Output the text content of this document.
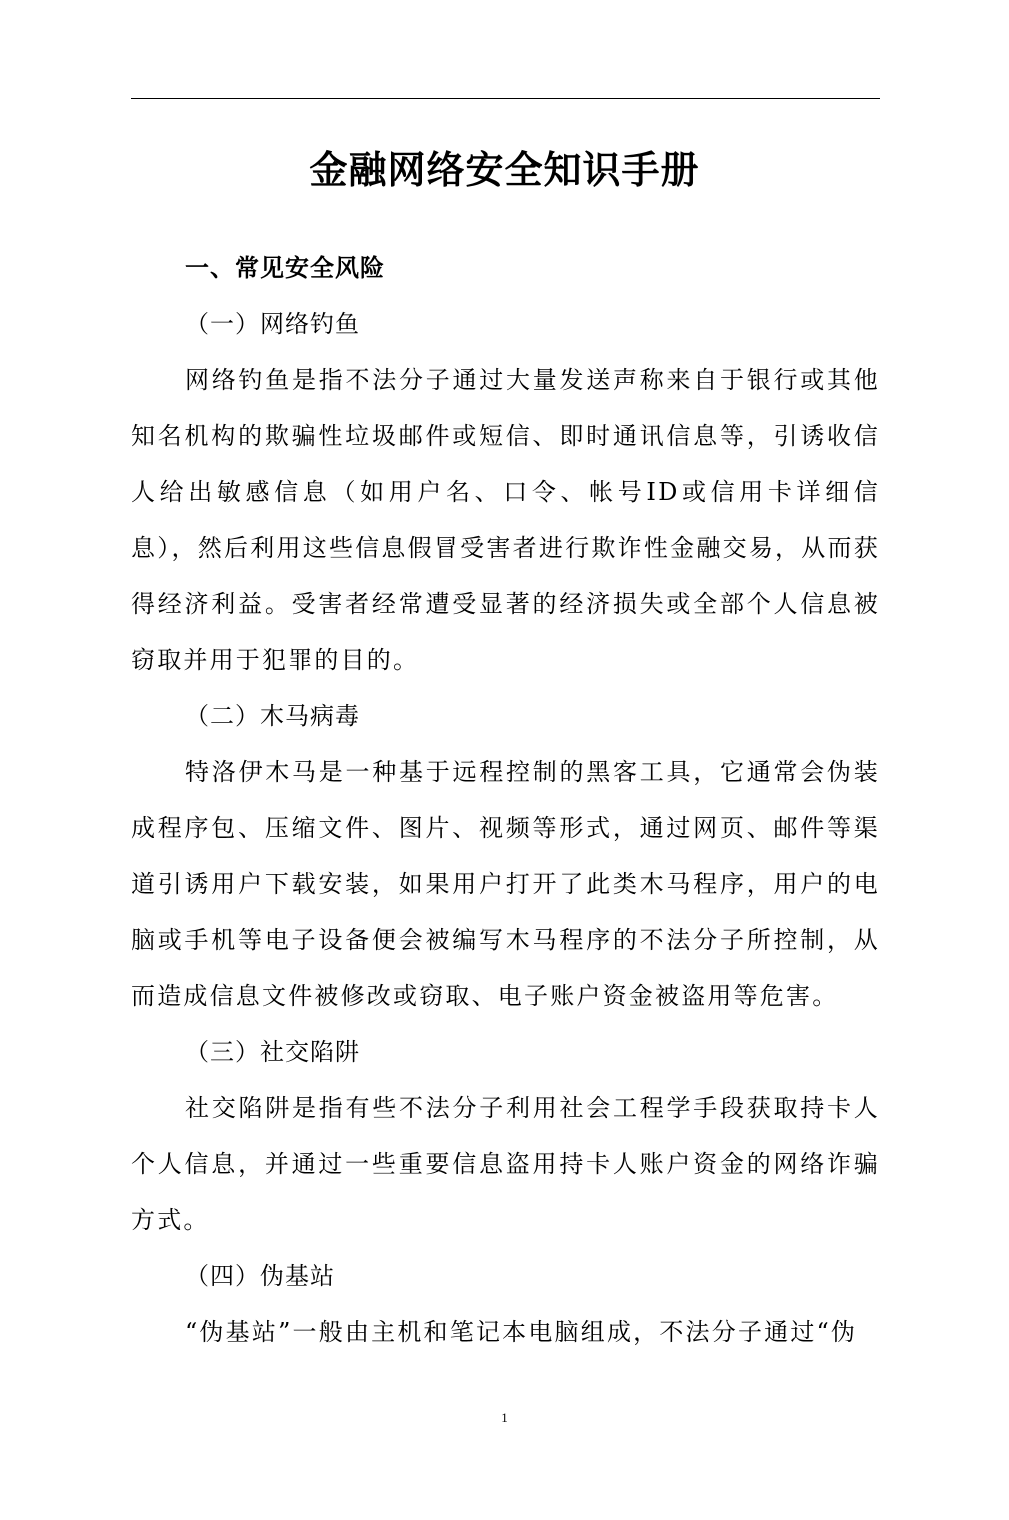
金融网络安全知识手册

一、常见安全风险

（一）网络钓鱼

网络钓鱼是指不法分子通过大量发送声称来自于银行或其他知名机构的欺骗性垃圾邮件或短信、即时通讯信息等，引诱收信人给出敏感信息（如用户名、口令、帐号ID或信用卡详细信息），然后利用这些信息假冒受害者进行欺诈性金融交易，从而获得经济利益。受害者经常遭受显著的经济损失或全部个人信息被窃取并用于犯罪的目的。

（二）木马病毒

特洛伊木马是一种基于远程控制的黑客工具，它通常会伪装成程序包、压缩文件、图片、视频等形式，通过网页、邮件等渠道引诱用户下载安装，如果用户打开了此类木马程序，用户的电脑或手机等电子设备便会被编写木马程序的不法分子所控制，从而造成信息文件被修改或窃取、电子账户资金被盗用等危害。

（三）社交陷阱

社交陷阱是指有些不法分子利用社会工程学手段获取持卡人个人信息，并通过一些重要信息盗用持卡人账户资金的网络诈骗方式。

（四）伪基站

“伪基站”一般由主机和笔记本电脑组成，不法分子通过“伪

1
